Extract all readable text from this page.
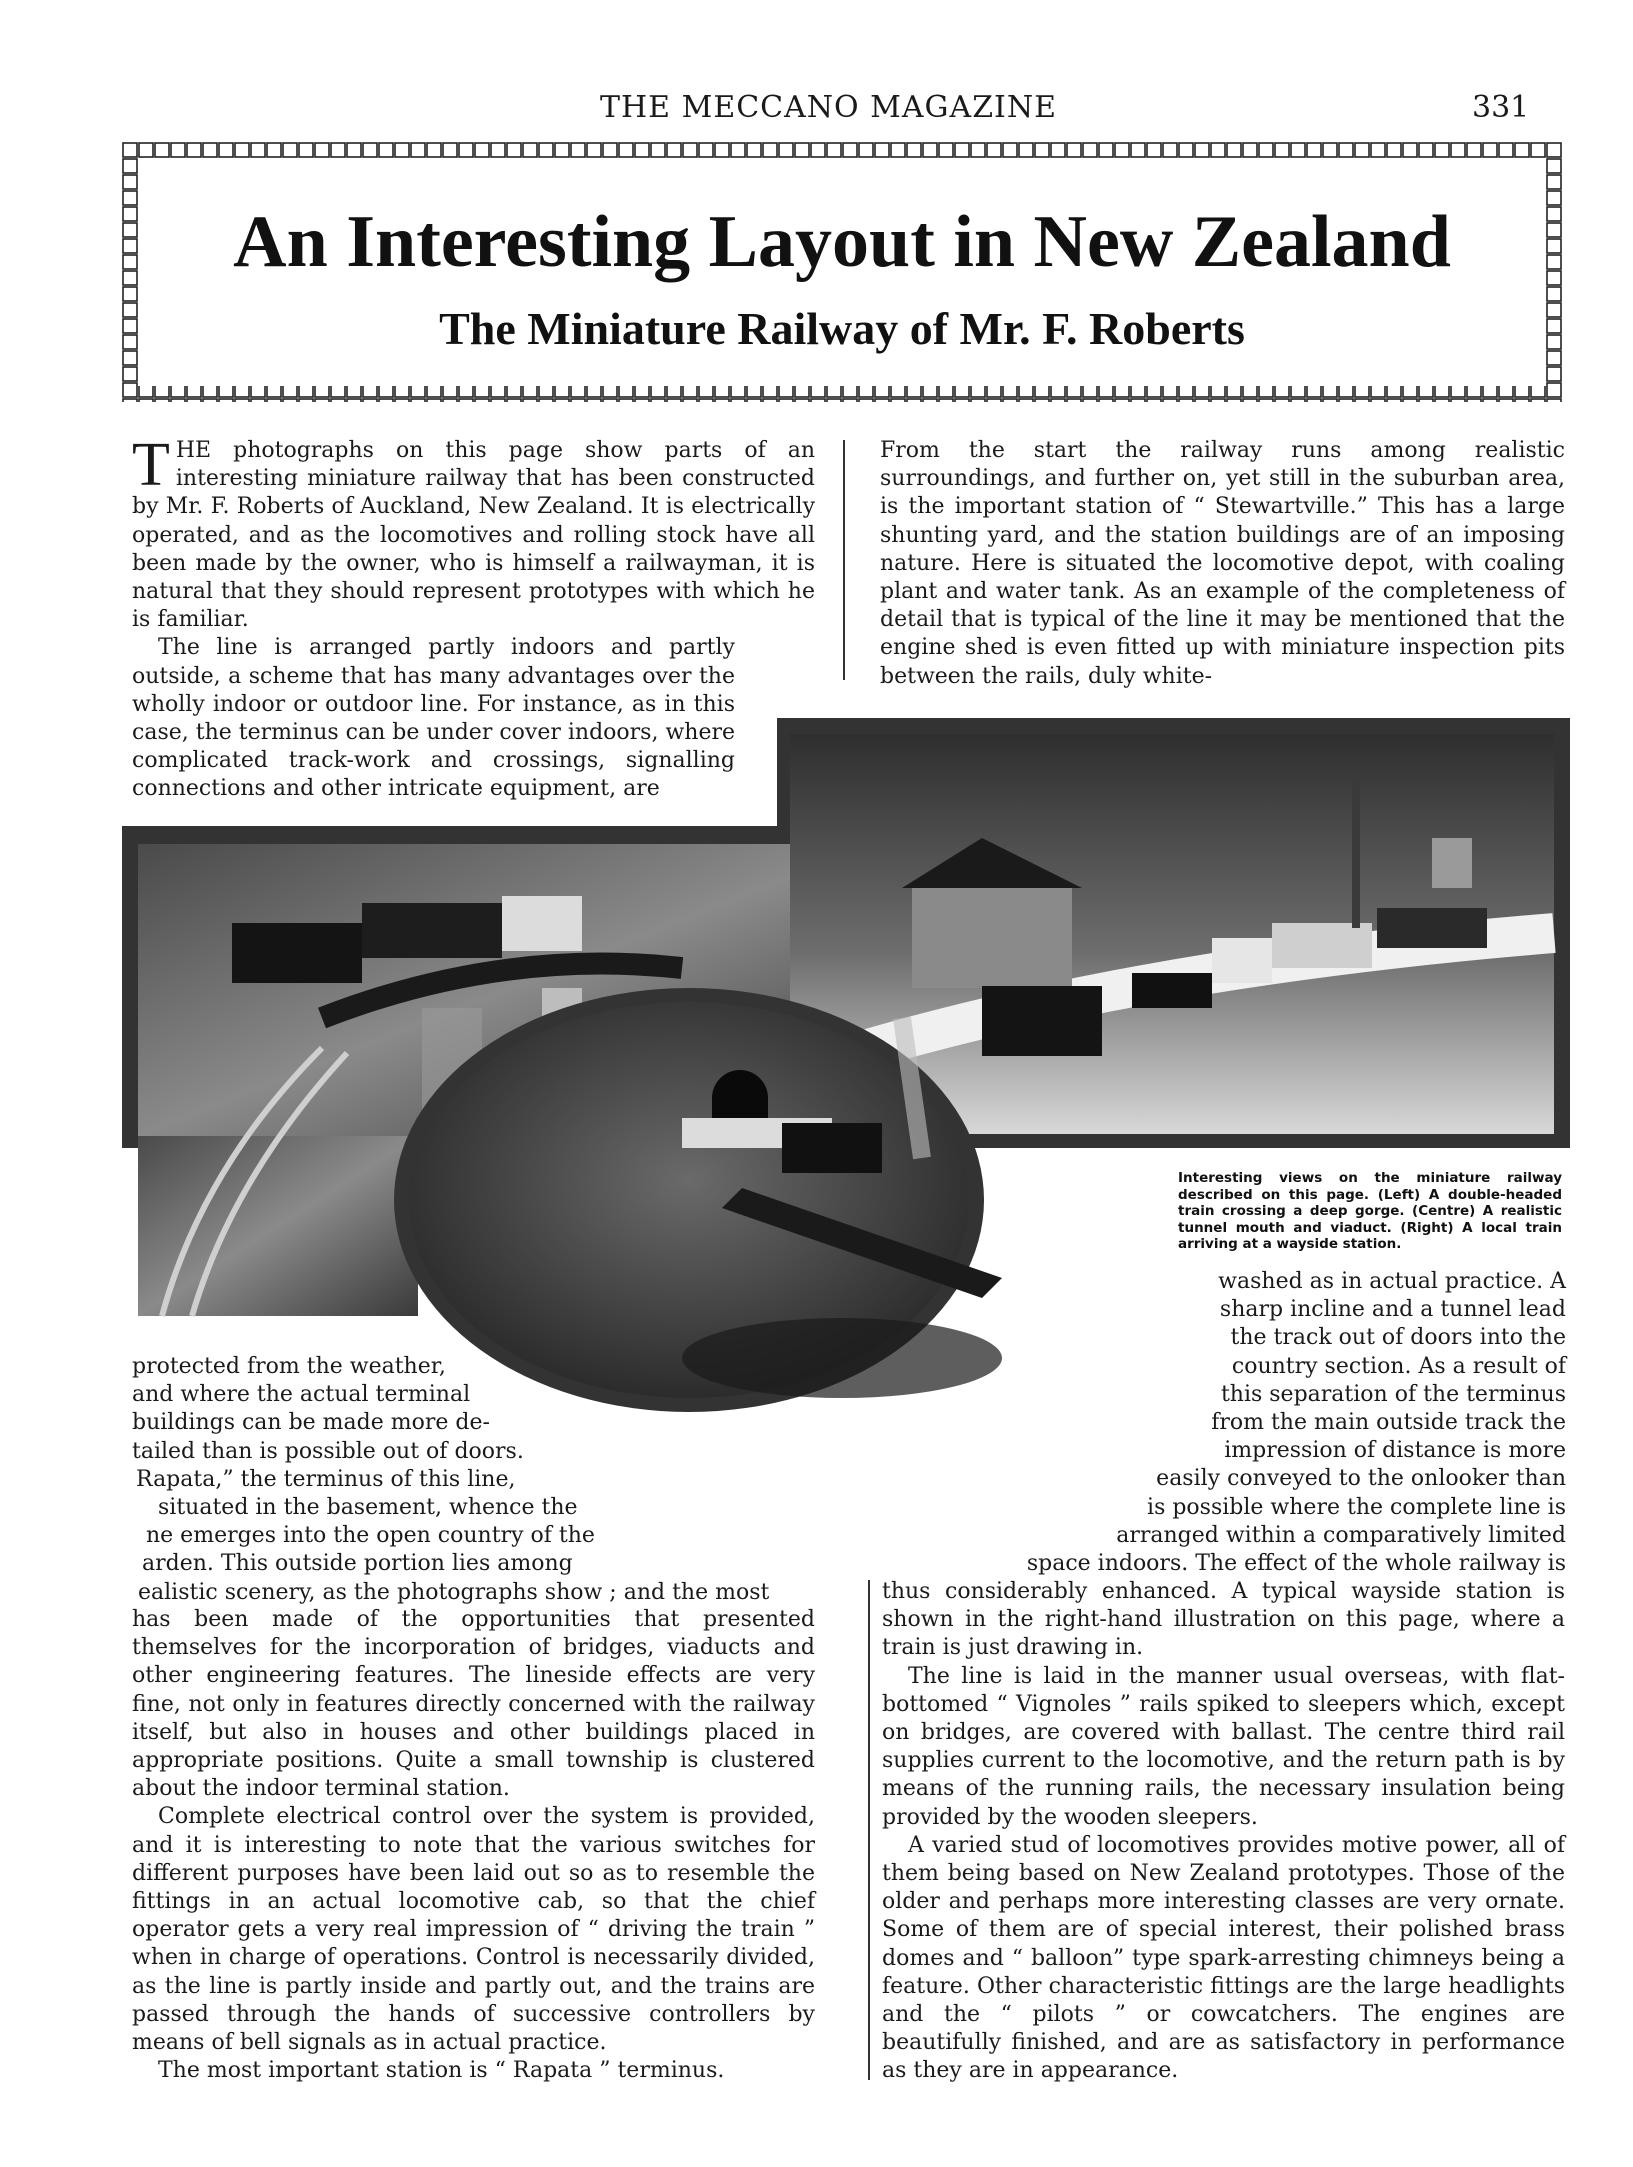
THE MECCANO MAGAZINE	331
An Interesting Layout in New Zealand
The Miniature Railway of Mr. F. Roberts

THE photographs on this page show parts of an interesting miniature railway that has been constructed by Mr. F. Roberts of Auckland, New Zealand. It is electrically operated, and as the locomotives and rolling stock have all been made by the owner, who is himself a railwayman, it is natural that they should represent prototypes with which he is familiar.

The line is arranged partly indoors and partly outside, a scheme that has many advantages over the wholly indoor or outdoor line. For instance, as in this case, the terminus can be under cover indoors, where complicated track-work and crossings, signalling connections and other intricate equipment, are

From the start the railway runs among realistic surroundings, and further on, yet still in the suburban area, is the important station of “ Stewartville.” This has a large shunting yard, and the station buildings are of an imposing nature. Here is situated the locomotive depot, with coaling plant and water tank. As an example of the completeness of detail that is typical of the line it may be mentioned that the engine shed is even fitted up with miniature inspection pits between the rails, duly white-

Interesting views on the miniature railway described on this page. (Left) A double-headed train crossing a deep gorge. (Centre) A realistic tunnel mouth and viaduct. (Right) A local train arriving at a wayside station.
protected from the weather,
and where the actual terminal
buildings can be made more de-
tailed than is possible out of doors.
Rapata,” the terminus of this line,
situated in the basement, whence the
ne emerges into the open country of the
arden. This outside portion lies among
ealistic scenery, as the photographs show ; and the most

has been made of the opportunities that presented themselves for the incorporation of bridges, viaducts and other engineering features. The lineside effects are very fine, not only in features directly concerned with the railway itself, but also in houses and other buildings placed in appropriate positions. Quite a small township is clustered about the indoor terminal station.

Complete electrical control over the system is provided, and it is interesting to note that the various switches for different purposes have been laid out so as to resemble the fittings in an actual locomotive cab, so that the chief operator gets a very real impression of “ driving the train ” when in charge of operations. Control is necessarily divided, as the line is partly inside and partly out, and the trains are passed through the hands of successive controllers by means of bell signals as in actual practice.

The most important station is “ Rapata ” terminus.

washed as in actual practice. A
sharp incline and a tunnel lead
the track out of doors into the
country section. As a result of
this separation of the terminus
from the main outside track the
impression of distance is more
easily conveyed to the onlooker than
is possible where the complete line is
arranged within a comparatively limited
space indoors. The effect of the whole railway is

thus considerably enhanced. A typical wayside station is shown in the right-hand illustration on this page, where a train is just drawing in.

The line is laid in the manner usual overseas, with flat-bottomed “ Vignoles ” rails spiked to sleepers which, except on bridges, are covered with ballast. The centre third rail supplies current to the locomotive, and the return path is by means of the running rails, the necessary insulation being provided by the wooden sleepers.

A varied stud of locomotives provides motive power, all of them being based on New Zealand prototypes. Those of the older and perhaps more interesting classes are very ornate. Some of them are of special interest, their polished brass domes and “ balloon” type spark-arresting chimneys being a feature. Other characteristic fittings are the large headlights and the “ pilots ” or cowcatchers. The engines are beautifully finished, and are as satisfactory in performance as they are in appearance.
